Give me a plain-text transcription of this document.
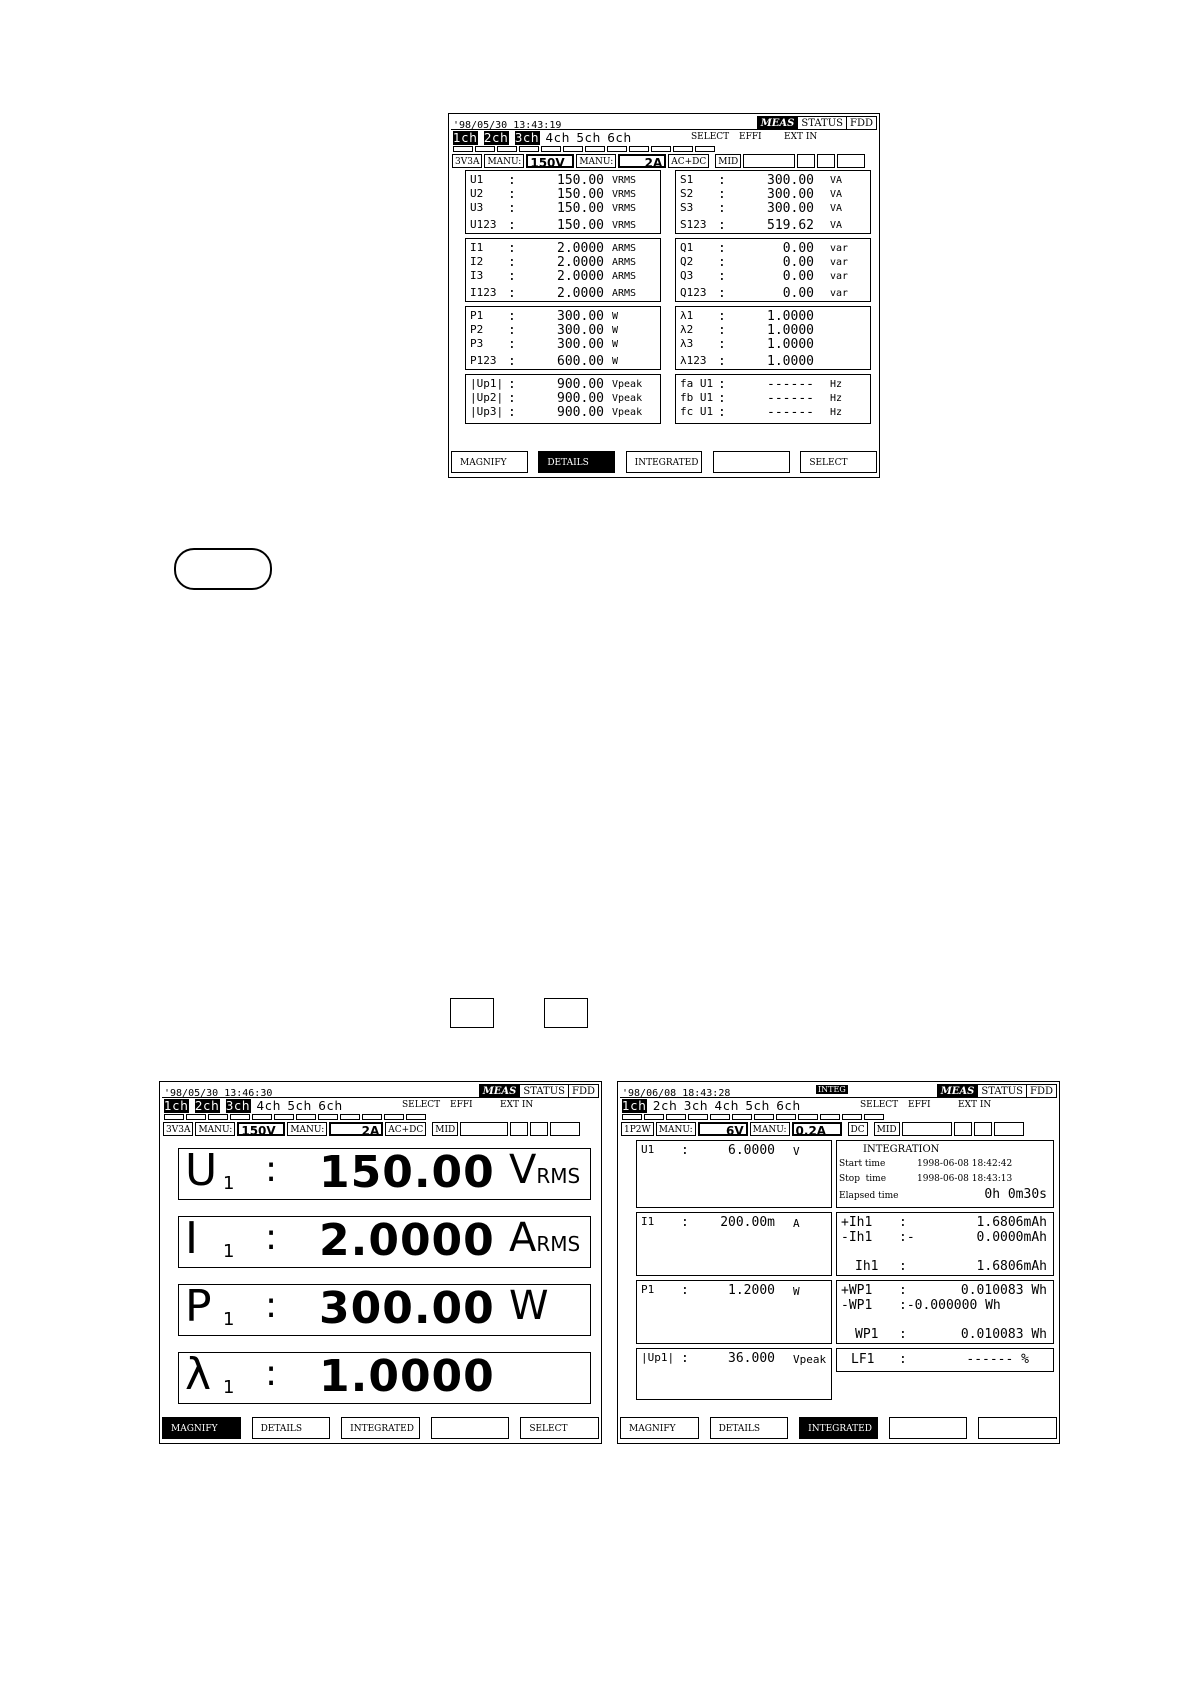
'98/05/30 13:43:19	MEAS STATUS FDD
1ch 2ch 3ch 4ch 5ch 6ch	SELECT EFFI EXT IN
3V3A MANU: 150V MANU:	2A AC+DC MID
U1 :	150.00 VRMS
U2 :	150.00 VRMS
U3 :	150.00 VRMS
U123 :	150.00 VRMS
S1 :	300.00 VA
S2 :	300.00 VA
S3 :	300.00 VA
S123 :	519.62 VA
I1 :	2.0000 ARMS
I2 :	2.0000 ARMS
I3 :	2.0000 ARMS
I123 :	2.0000 ARMS
Q1 :	0.00 var
Q2 :	0.00 var
Q3 :	0.00 var
Q123 :	0.00 var
P1 :	300.00 W
P2 :	300.00 W
P3 :	300.00 W
P123 :	600.00 W
λ1 :	1.0000
λ2 :	1.0000
λ3 :	1.0000
λ123 :	1.0000
|Up1| :	900.00 Vpeak
|Up2| :	900.00 Vpeak
|Up3| :	900.00 Vpeak
fa U1 :	------ Hz
fb U1 :	------ Hz
fc U1 :	------ Hz
MAGNIFY	DETAILS	INTEGRATED	SELECT
'98/05/30 13:46:30	MEAS STATUS FDD
1ch 2ch 3ch 4ch 5ch 6ch	SELECT EFFI	EXT IN
3V3A MANU: 150V MANU:	2A AC+DC MID
U 1 : 150.00 VRMS
I 1 : 2.0000 ARMS
P 1 : 300.00 W
λ 1 : 1.0000
MAGNIFY	DETAILS	INTEGRATED	SELECT
'98/06/08 18:43:28	INTEG	MEAS STATUS FDD
1ch 2ch 3ch 4ch 5ch 6ch	SELECT EFFI	EXT IN
1P2W MANU:	6V MANU: 0.2A	DC MID
U1 :	6.0000 V
I1 : 200.00m A
P1 :	1.2000 W
|Up1| :	36.000 Vpeak
INTEGRATION
Start time	1998-06-08 18:42:42
Stop  time	1998-06-08 18:43:13
Elapsed time	0h 0m30s
+Ih1 :	1.6806mAh
-Ih1 :-	0.0000mAh
Ih1 :	1.6806mAh
+WP1 :	0.010083 Wh
-WP1 :-0.000000 Wh
WP1 :	0.010083 Wh
LF1 :	------ %
MAGNIFY	DETAILS	INTEGRATED
